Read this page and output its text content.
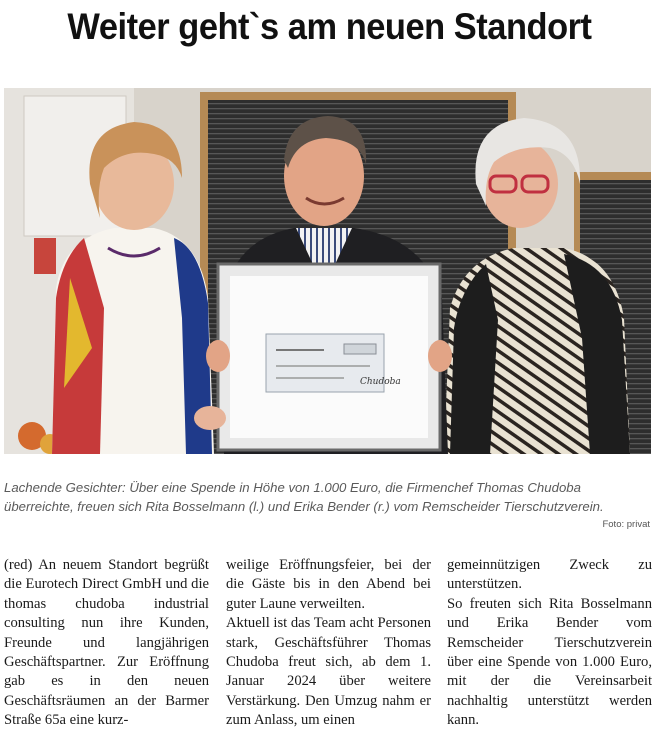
Weiter geht`s am neuen Standort
Chudoba
Lachende Gesichter: Über eine Spende in Höhe von 1.000 Euro, die Firmenchef Thomas Chudoba überreichte, freuen sich Rita Bosselmann (l.) und Erika Bender (r.) vom Remscheider Tierschutzverein.
Foto: privat

(red) An neuem Standort begrüßt die Eurotech Direct GmbH und die thomas chudoba industrial consulting nun ihre Kunden, Freunde und langjährigen Geschäftspartner. Zur Eröffnung gab es in den neuen Geschäftsräumen an der Barmer Straße 65a eine kurz-

weilige Eröffnungsfeier, bei der die Gäste bis in den Abend bei guter Laune verweilten.

Aktuell ist das Team acht Personen stark, Geschäftsführer Thomas Chudoba freut sich, ab dem 1. Januar 2024 über weitere Verstärkung. Den Umzug nahm er zum Anlass, um einen

gemeinnützigen Zweck zu unterstützen.

So freuten sich Rita Bosselmann und Erika Bender vom Remscheider Tierschutzverein über eine Spende von 1.000 Euro, mit der die Vereinsarbeit nachhaltig unterstützt werden kann.
